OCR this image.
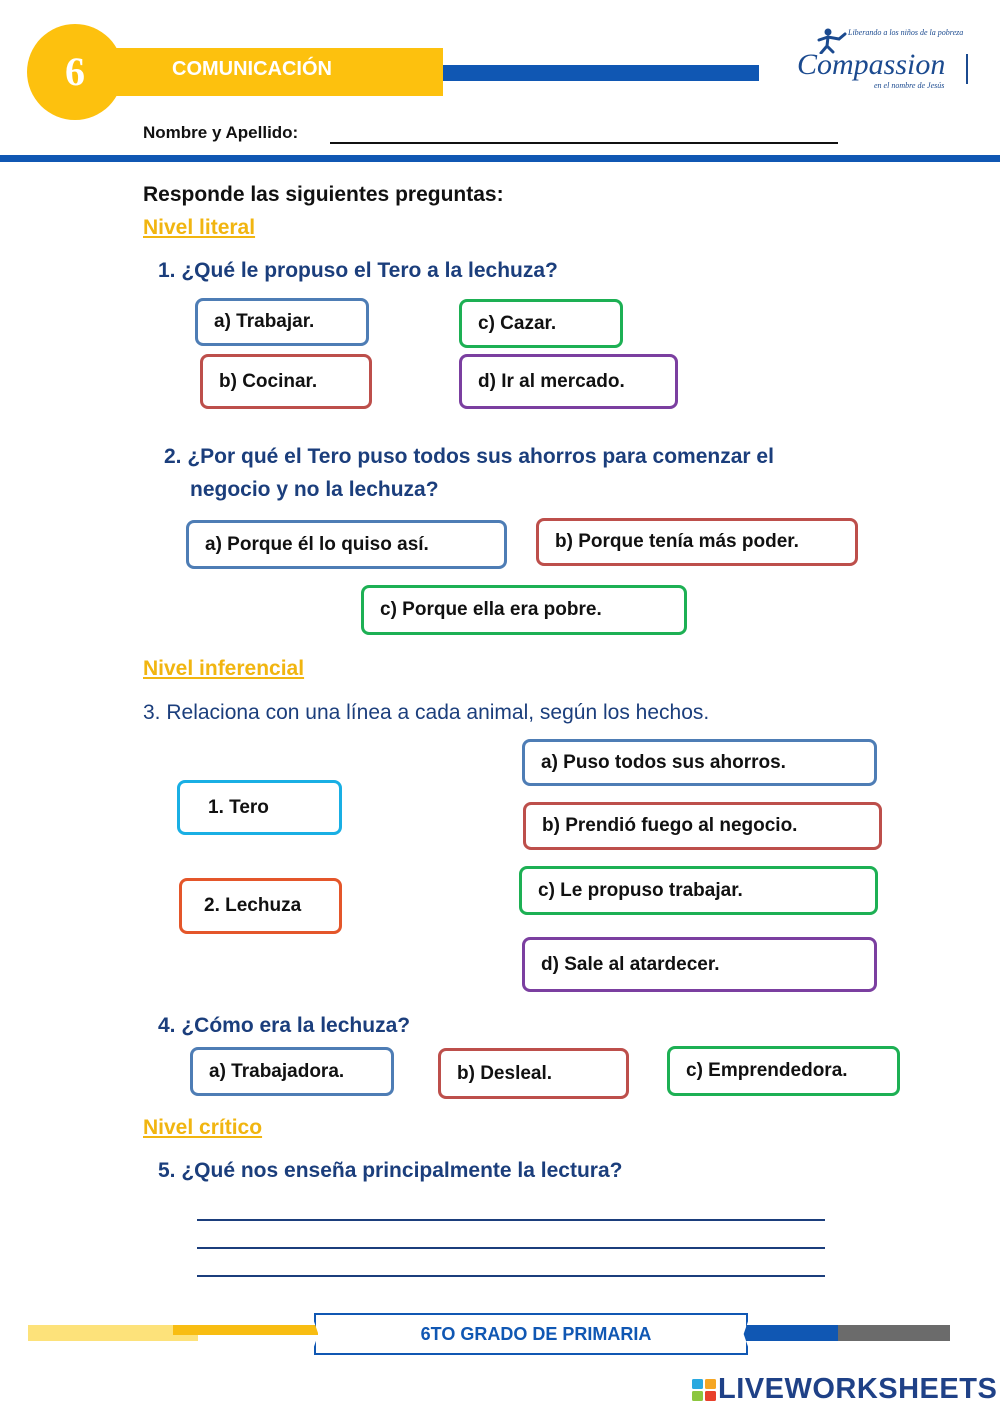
6	COMUNICACIÓN
Liberando a los niños de la pobreza
Compassion
en el nombre de Jesús
Nombre y Apellido:
Responde las siguientes preguntas:
Nivel literal
1. ¿Qué le propuso el Tero a la lechuza?
a) Trabajar.	c) Cazar.
b) Cocinar.	d) Ir al mercado.
2. ¿Por qué el Tero puso todos sus ahorros para comenzar el
negocio y no la lechuza?
a) Porque él lo quiso así.	b) Porque tenía más poder.
c) Porque ella era pobre.
Nivel inferencial
3. Relaciona con una línea a cada animal, según los hechos.
1. Tero
2. Lechuza
a) Puso todos sus ahorros.
b) Prendió fuego al negocio.
c) Le propuso trabajar.
d) Sale al atardecer.
4. ¿Cómo era la lechuza?
a) Trabajadora.	b) Desleal.	c) Emprendedora.
Nivel crítico
5. ¿Qué nos enseña principalmente la lectura?
6TO GRADO DE PRIMARIA
LIVEWORKSHEETS
